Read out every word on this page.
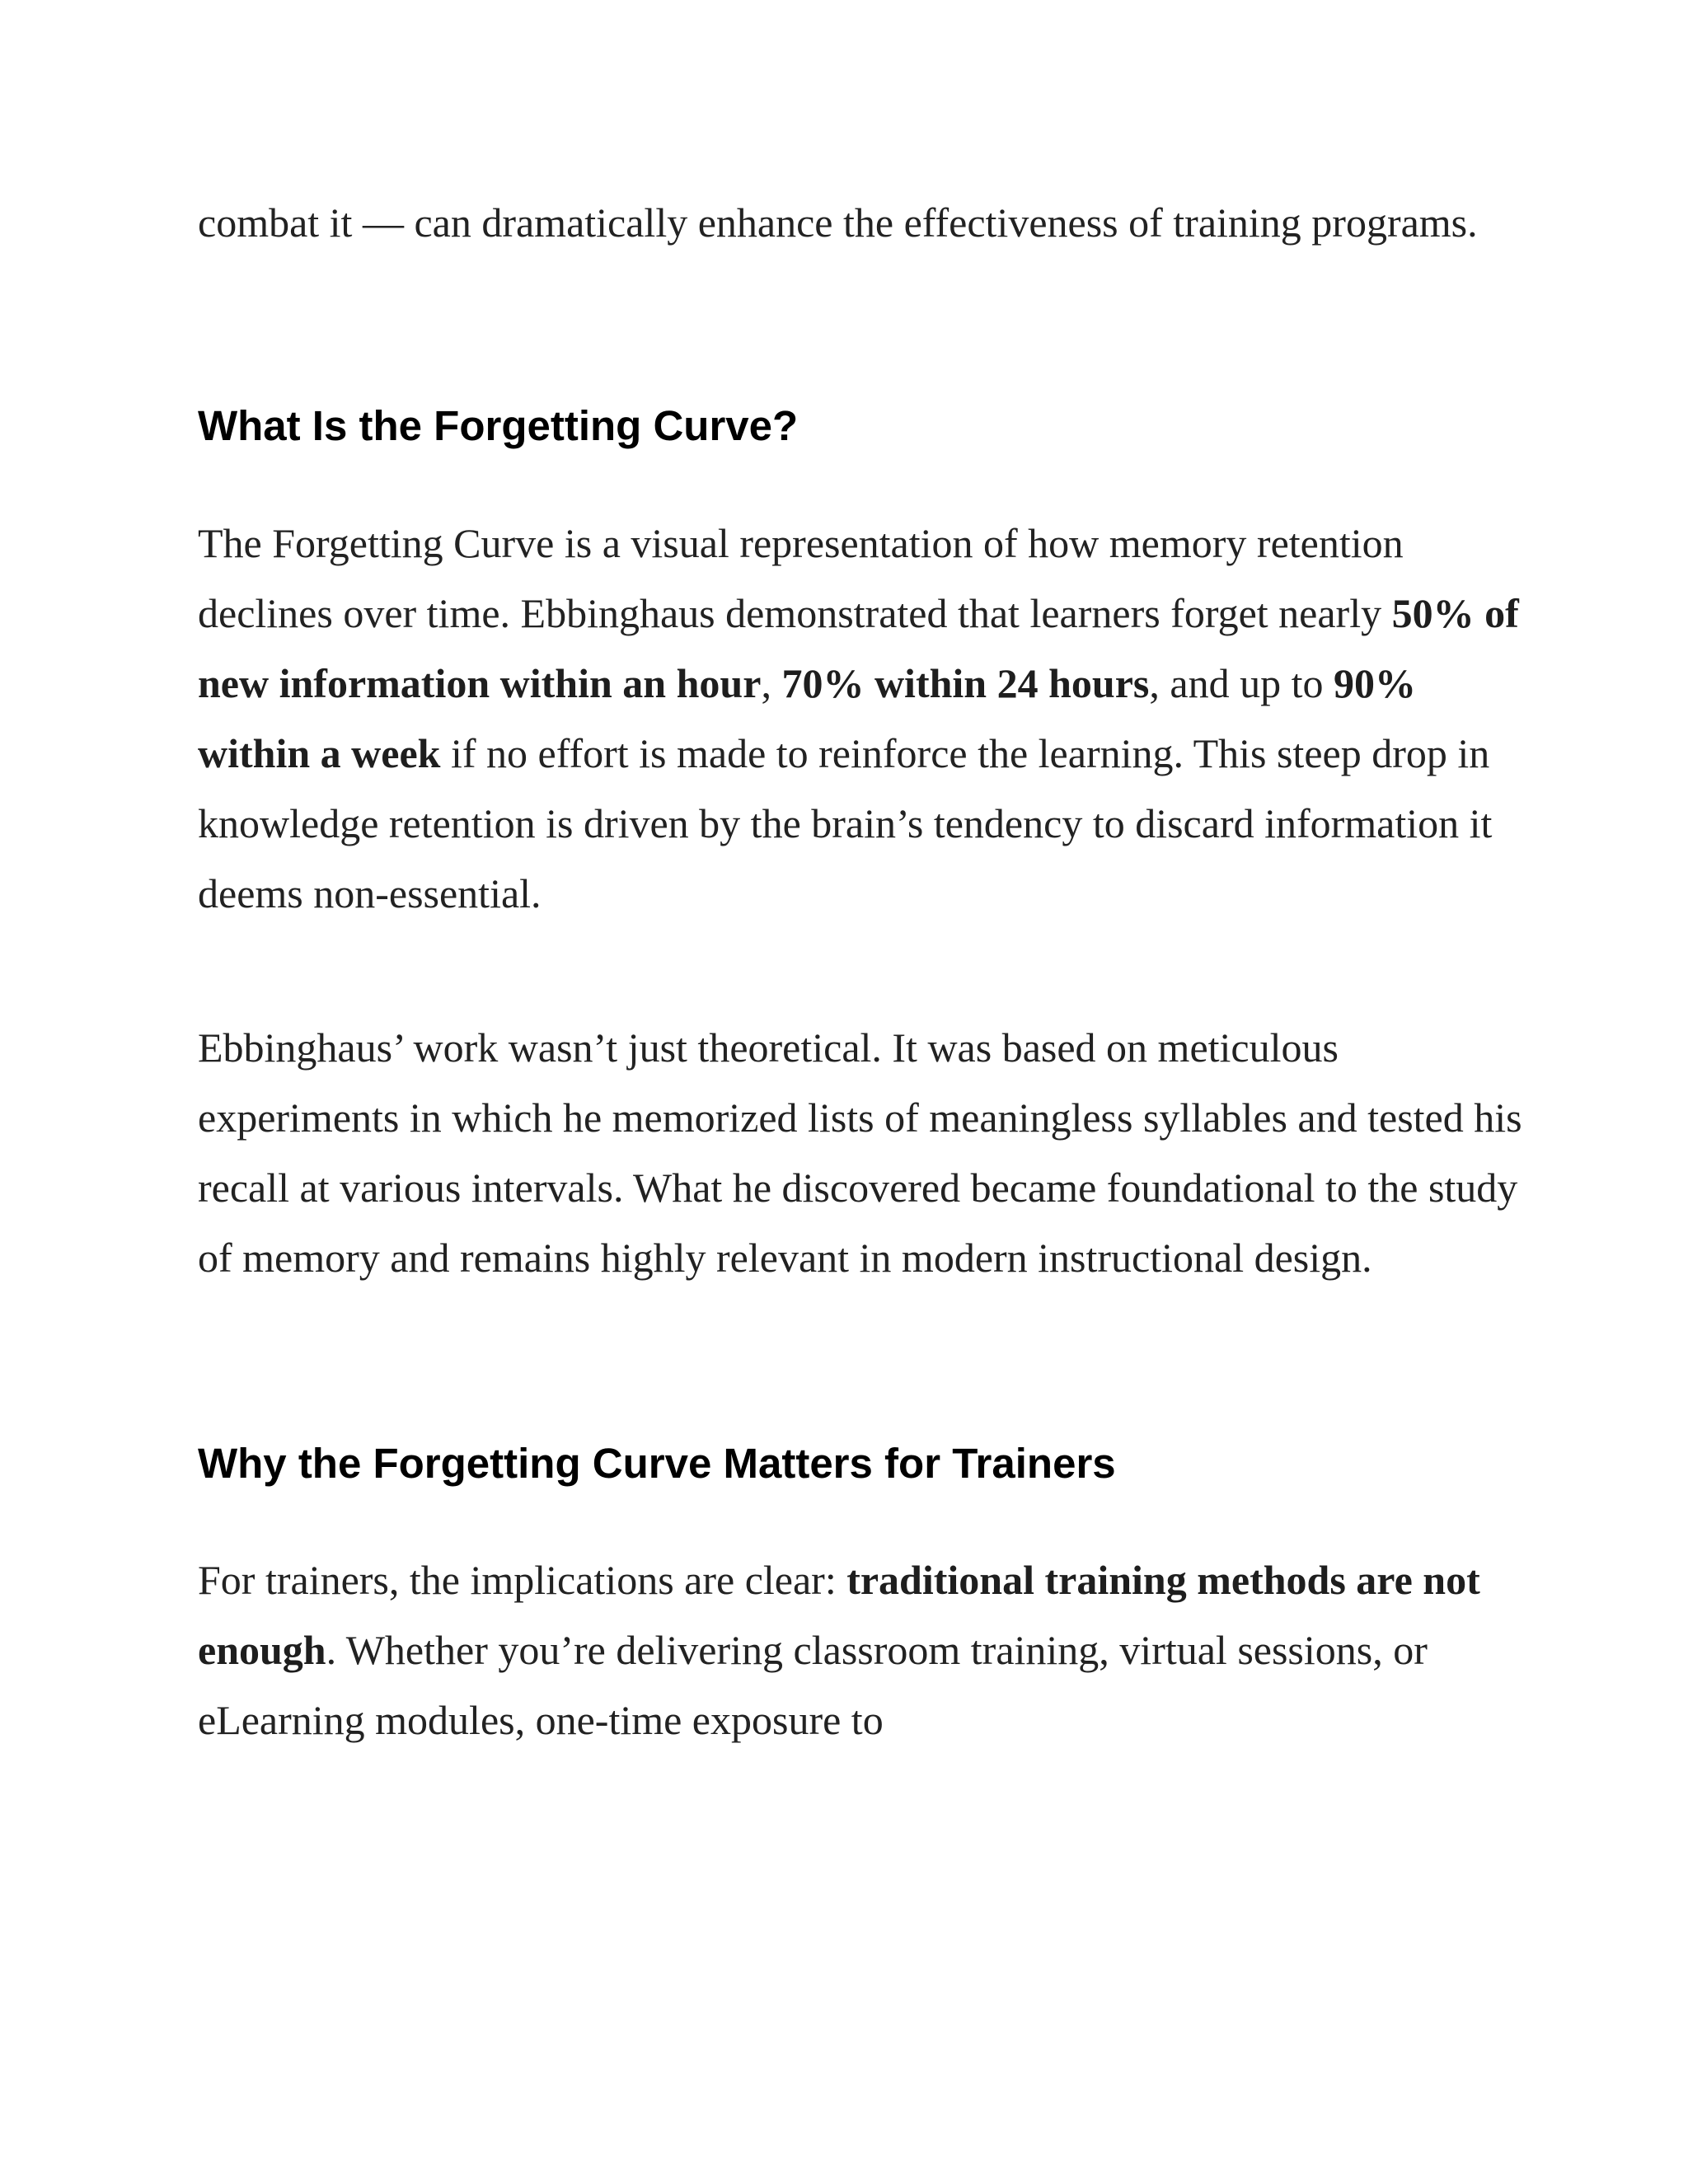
combat it — can dramatically enhance the effectiveness of training programs.

What Is the Forgetting Curve?

The Forgetting Curve is a visual representation of how memory retention declines over time. Ebbinghaus demonstrated that learners forget nearly 50% of new information within an hour, 70% within 24 hours, and up to 90% within a week if no effort is made to reinforce the learning. This steep drop in knowledge retention is driven by the brain’s tendency to discard information it deems non-essential.

Ebbinghaus’ work wasn’t just theoretical. It was based on meticulous experiments in which he memorized lists of meaningless syllables and tested his recall at various intervals. What he discovered became foundational to the study of memory and remains highly relevant in modern instructional design.

Why the Forgetting Curve Matters for Trainers

For trainers, the implications are clear: traditional training methods are not enough. Whether you’re delivering classroom training, virtual sessions, or eLearning modules, one-time exposure to
